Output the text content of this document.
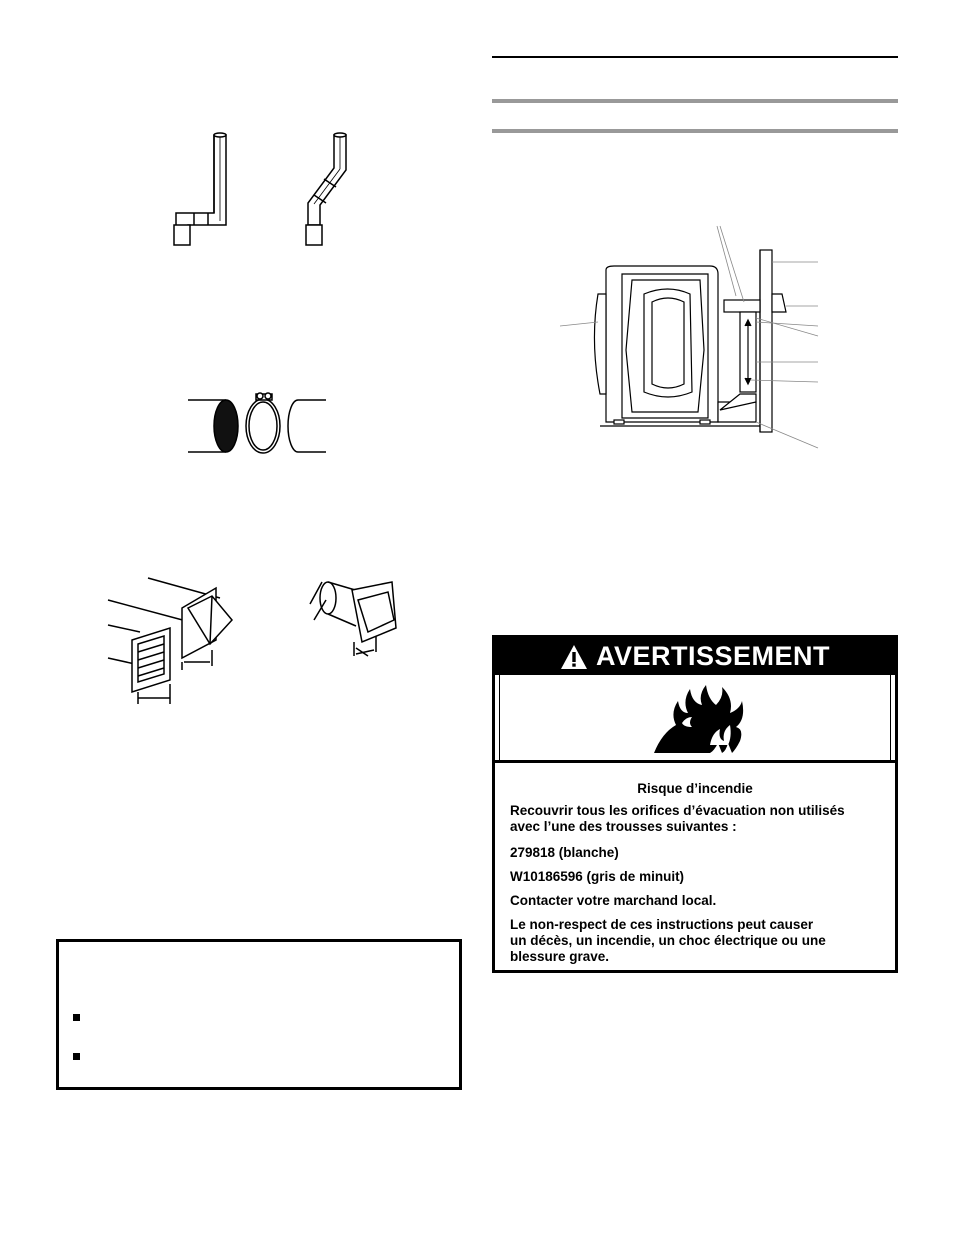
AVERTISSEMENT
Risque d’incendie
Recouvrir tous les orifices d’évacuation non utilisés
avec l’une des trousses suivantes :
279818 (blanche)
W10186596 (gris de minuit)
Contacter votre marchand local.
Le non-respect de ces instructions peut causer
un décès, un incendie, un choc électrique ou une
blessure grave.
